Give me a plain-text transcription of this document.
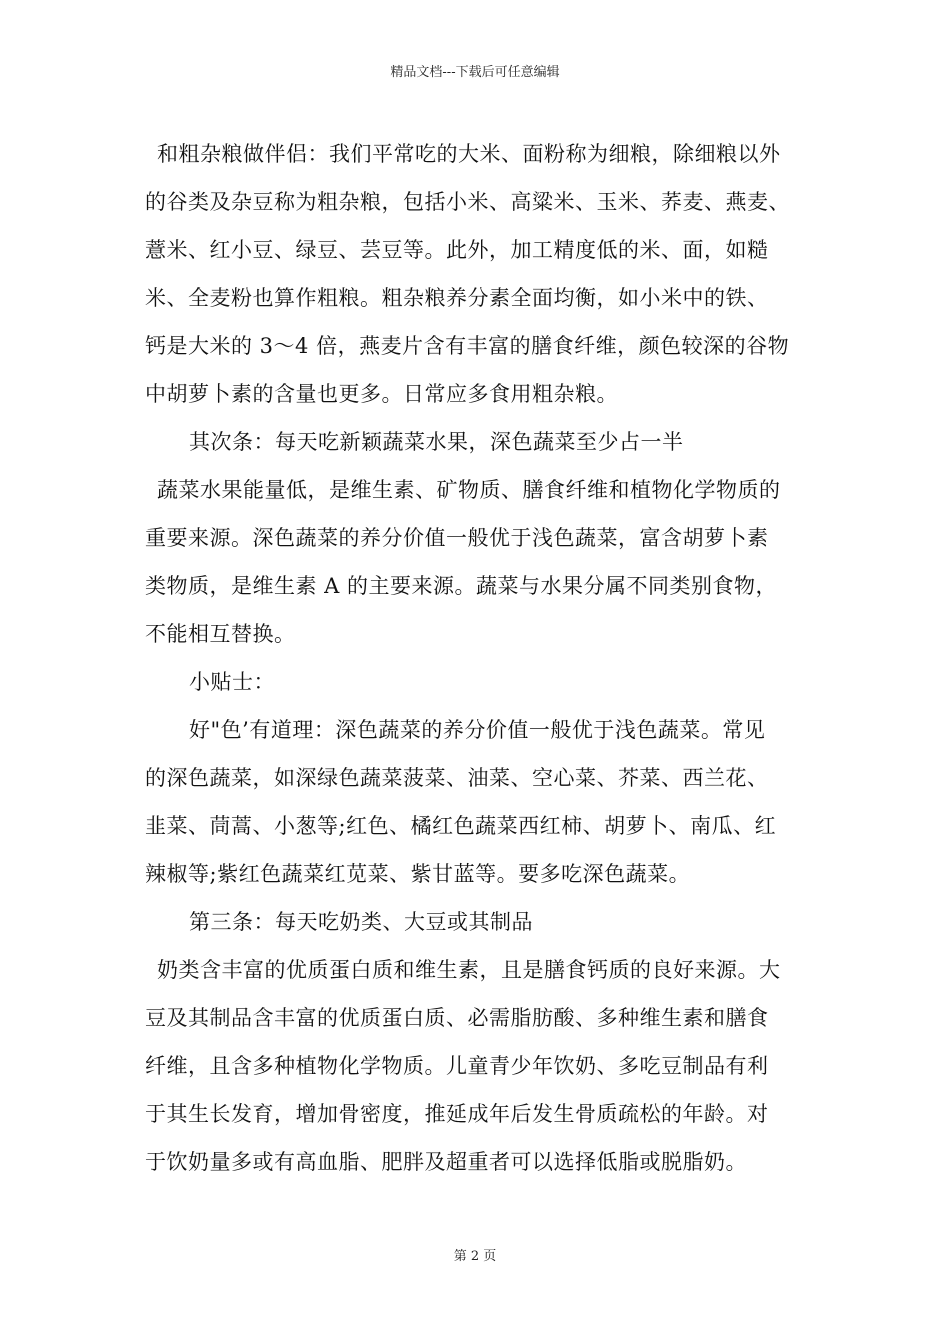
精品文档---下载后可任意编辑
和粗杂粮做伴侣：我们平常吃的大米、面粉称为细粮，除细粮以外
的谷类及杂豆称为粗杂粮，包括小米、高粱米、玉米、荞麦、燕麦、
薏米、红小豆、绿豆、芸豆等。此外，加工精度低的米、面，如糙
米、全麦粉也算作粗粮。粗杂粮养分素全面均衡，如小米中的铁、
钙是大米的 3～4 倍，燕麦片含有丰富的膳食纤维，颜色较深的谷物
中胡萝卜素的含量也更多。日常应多食用粗杂粮。
其次条：每天吃新颖蔬菜水果，深色蔬菜至少占一半
蔬菜水果能量低，是维生素、矿物质、膳食纤维和植物化学物质的
重要来源。深色蔬菜的养分价值一般优于浅色蔬菜，富含胡萝卜素
类物质，是维生素 A 的主要来源。蔬菜与水果分属不同类别食物，
不能相互替换。
小贴士：
好"色’有道理：深色蔬菜的养分价值一般优于浅色蔬菜。常见
的深色蔬菜，如深绿色蔬菜菠菜、油菜、空心菜、芥菜、西兰花、
韭菜、茼蒿、小葱等;红色、橘红色蔬菜西红柿、胡萝卜、南瓜、红
辣椒等;紫红色蔬菜红苋菜、紫甘蓝等。要多吃深色蔬菜。
第三条：每天吃奶类、大豆或其制品
奶类含丰富的优质蛋白质和维生素，且是膳食钙质的良好来源。大
豆及其制品含丰富的优质蛋白质、必需脂肪酸、多种维生素和膳食
纤维，且含多种植物化学物质。儿童青少年饮奶、多吃豆制品有利
于其生长发育，增加骨密度，推延成年后发生骨质疏松的年龄。对
于饮奶量多或有高血脂、肥胖及超重者可以选择低脂或脱脂奶。
第 2 页
